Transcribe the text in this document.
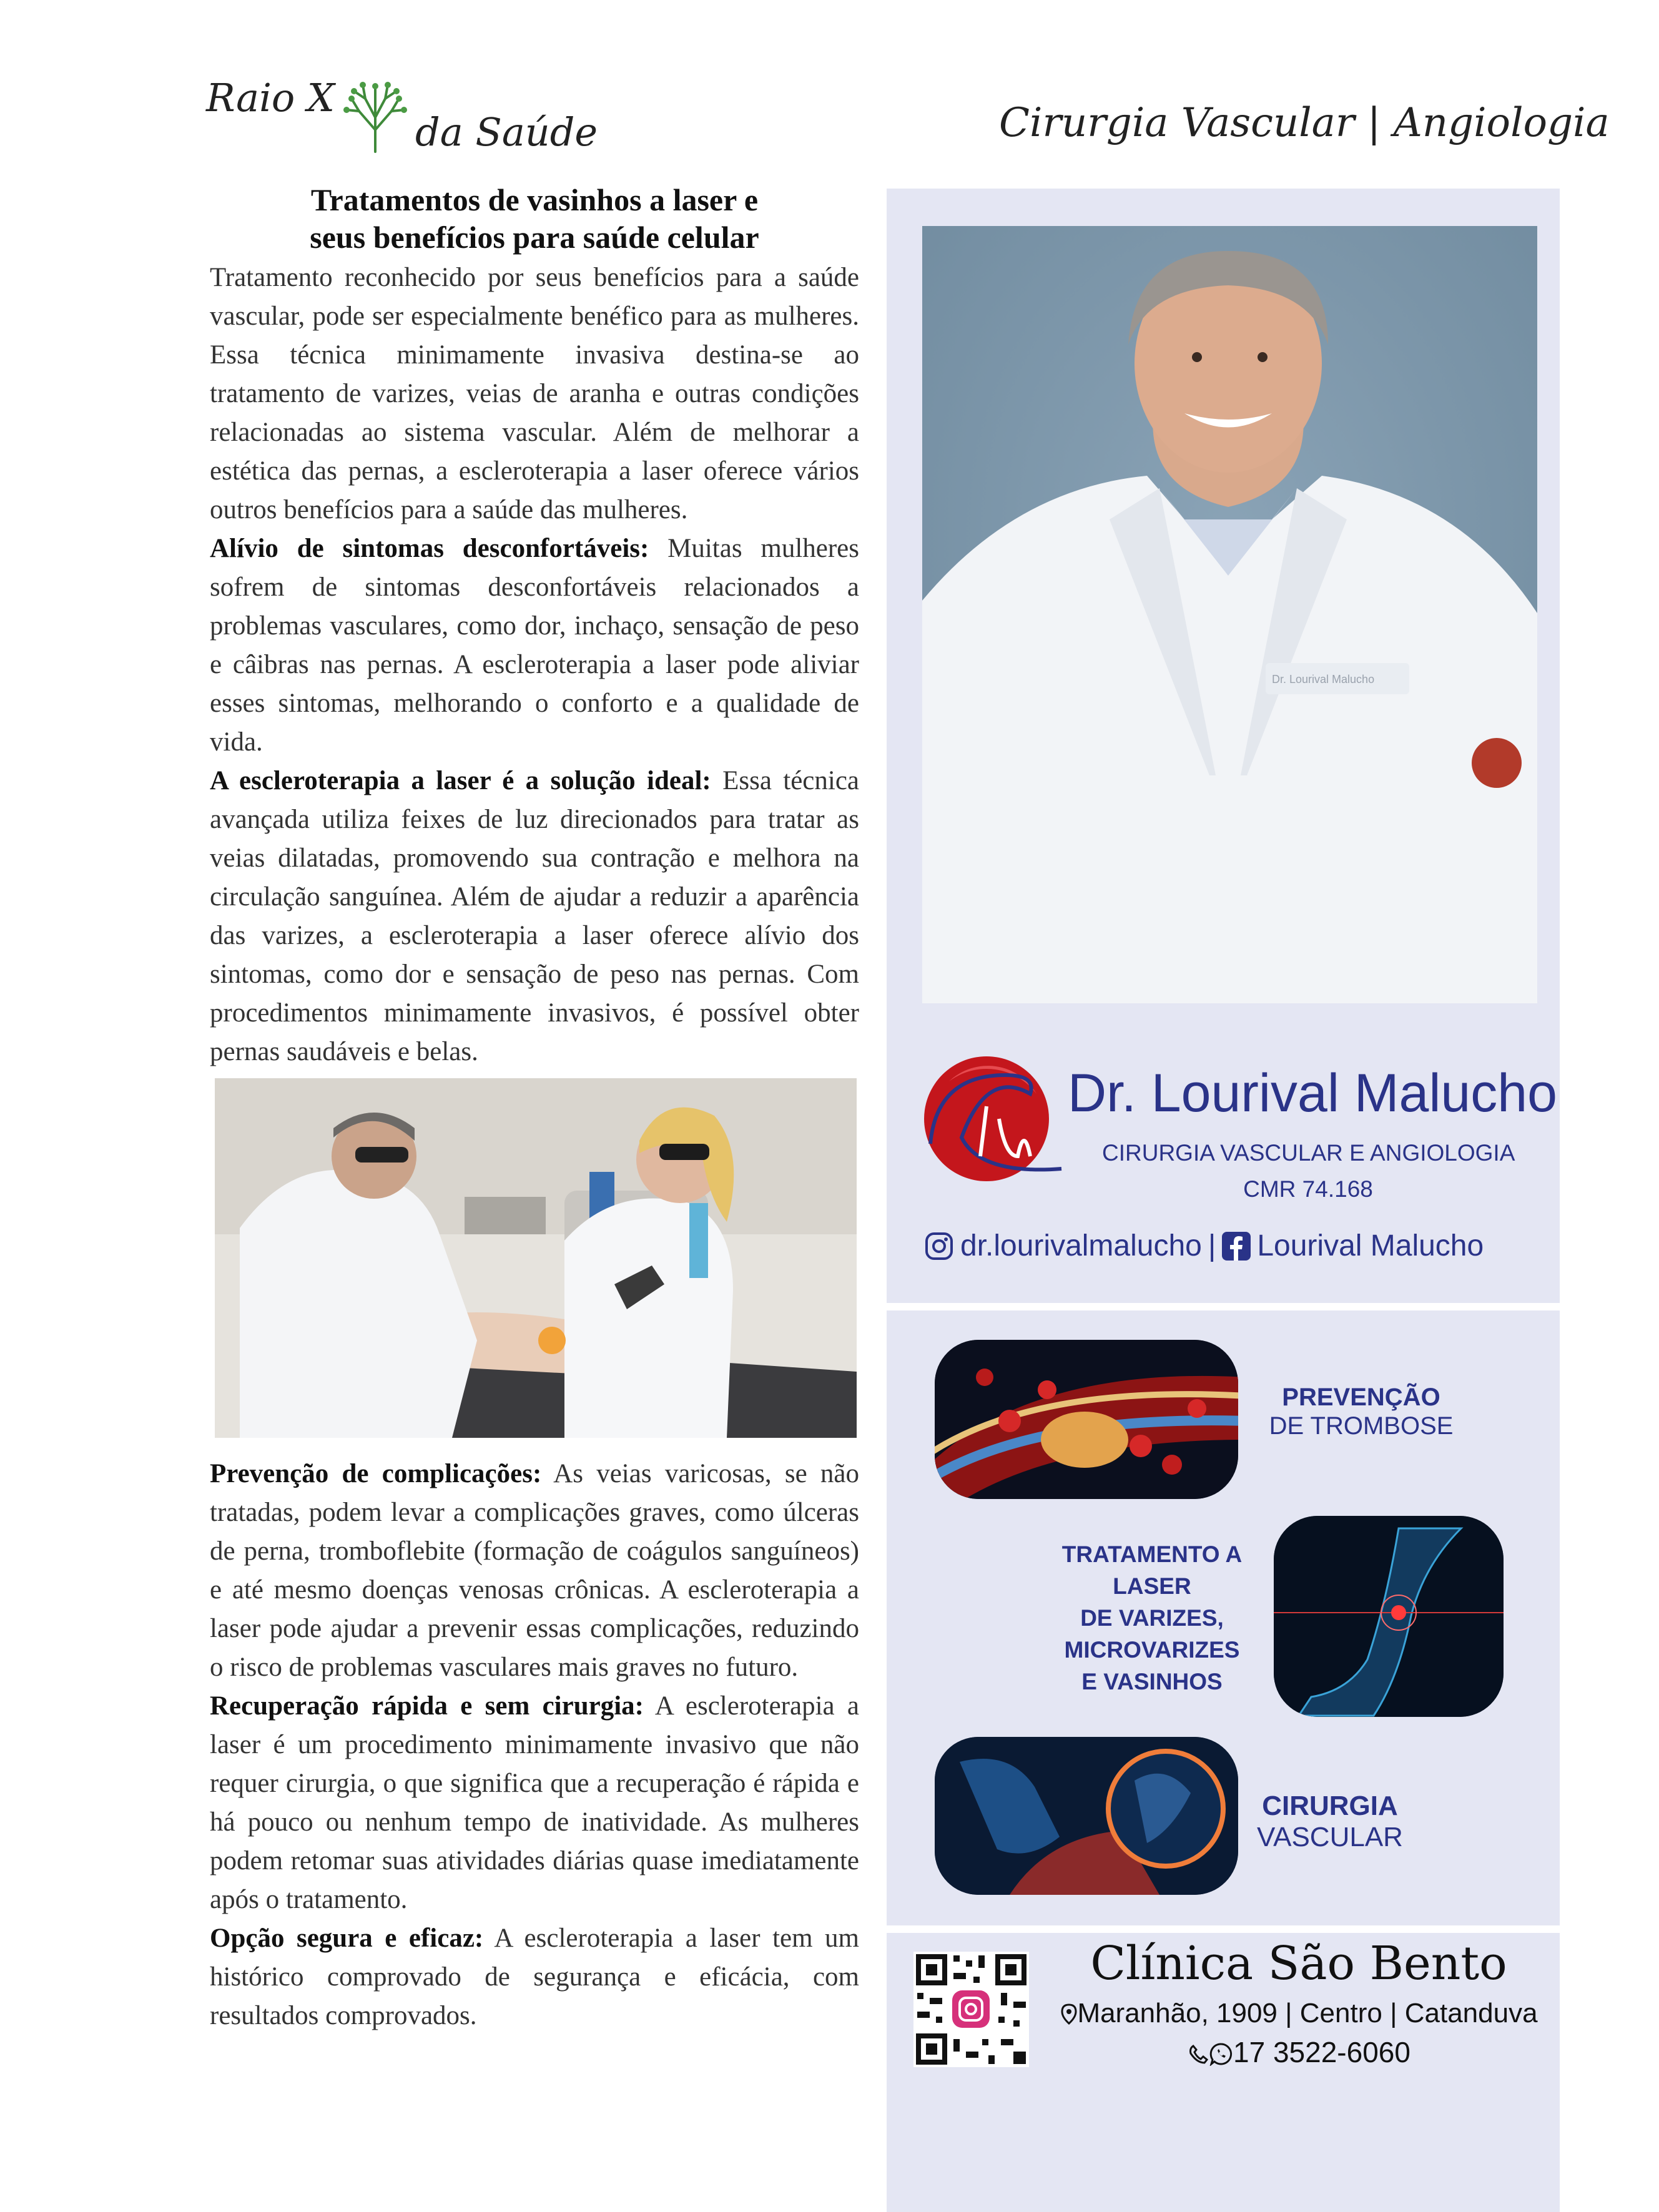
Raio X
da Saúde	Cirurgia Vascular | Angiologia
Tratamentos de vasinhos a laser e
seus benefícios para saúde celular

Tratamento reconhecido por seus benefícios para a saúde vascular, pode ser especialmente benéfico para as mulheres. Essa técnica minimamente invasiva destina-se ao tratamento de varizes, veias de aranha e outras condições relacionadas ao sistema vascular. Além de melhorar a estética das pernas, a escleroterapia a laser oferece vários outros benefícios para a saúde das mulheres.

Alívio de sintomas desconfortáveis: Muitas mulheres sofrem de sintomas desconfortáveis relacionados a problemas vasculares, como dor, inchaço, sensação de peso e câibras nas pernas. A escleroterapia a laser pode aliviar esses sintomas, melhorando o conforto e a qualidade de vida.

A escleroterapia a laser é a solução ideal: Essa técnica avançada utiliza feixes de luz direcionados para tratar as veias dilatadas, promovendo sua contração e melhora na circulação sanguínea. Além de ajudar a reduzir a aparência das varizes, a escleroterapia a laser oferece alívio dos sintomas, como dor e sensação de peso nas pernas. Com procedimentos minimamente invasivos, é possível obter pernas saudáveis e belas.

Prevenção de complicações: As veias varicosas, se não tratadas, podem levar a complicações graves, como úlceras de perna, tromboflebite (formação de coágulos sanguíneos) e até mesmo doenças venosas crônicas. A escleroterapia a laser pode ajudar a prevenir essas complicações, reduzindo o risco de problemas vasculares mais graves no futuro.

Recuperação rápida e sem cirurgia: A escleroterapia a laser é um procedimento minimamente invasivo que não requer cirurgia, o que significa que a recuperação é rápida e há pouco ou nenhum tempo de inatividade. As mulheres podem retomar suas atividades diárias quase imediatamente após o tratamento.

Opção segura e eficaz: A escleroterapia a laser tem um histórico comprovado de segurança e eficácia, com resultados comprovados.

Dr. Lourival Malucho
Dr. Lourival Malucho
CIRURGIA VASCULAR E ANGIOLOGIA
CMR 74.168
dr.lourivalmalucho | Lourival Malucho
PREVENÇÃO
DE TROMBOSE
TRATAMENTO A
LASER
DE VARIZES,
MICROVARIZES
E VASINHOS
CIRURGIA
VASCULAR
Clínica São Bento
Maranhão, 1909 | Centro | Catanduva
17 3522-6060
